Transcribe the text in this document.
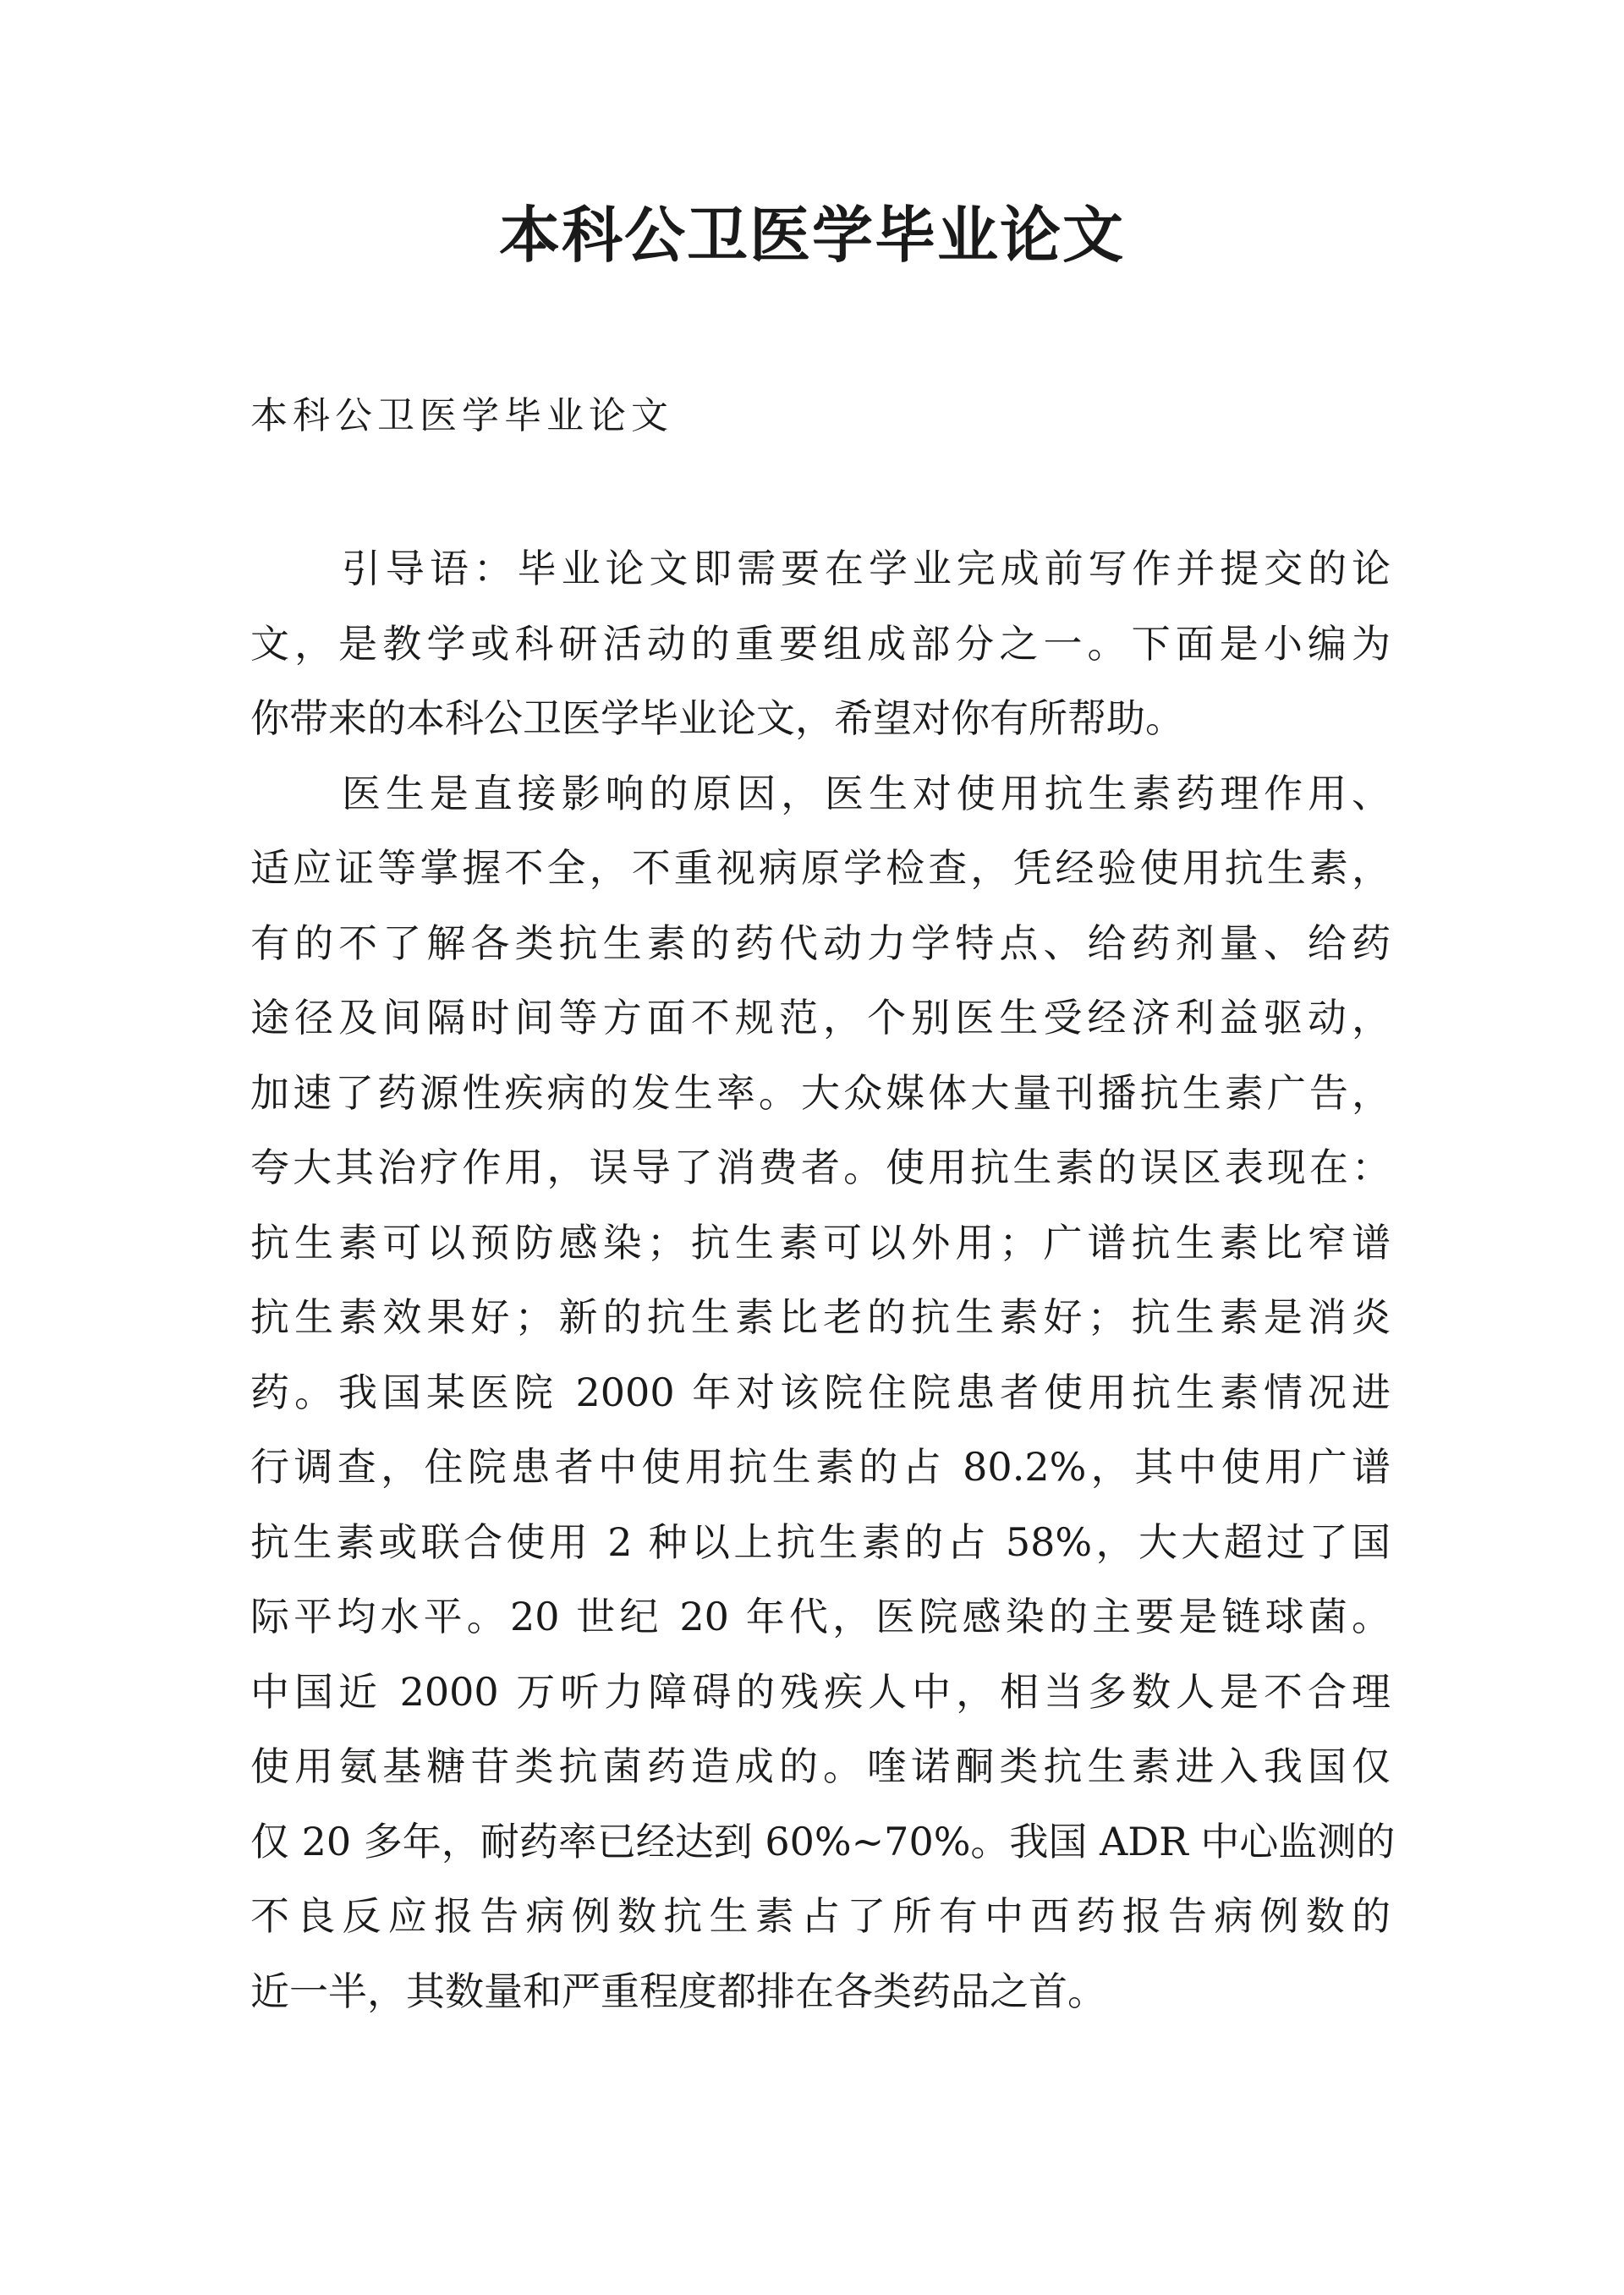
本科公卫医学毕业论文
本科公卫医学毕业论文
引导语：毕业论文即需要在学业完成前写作并提交的论
文，是教学或科研活动的重要组成部分之一。下面是小编为
你带来的本科公卫医学毕业论文，希望对你有所帮助。
医生是直接影响的原因，医生对使用抗生素药理作用、
适应证等掌握不全，不重视病原学检查，凭经验使用抗生素，
有的不了解各类抗生素的药代动力学特点、给药剂量、给药
途径及间隔时间等方面不规范，个别医生受经济利益驱动，
加速了药源性疾病的发生率。大众媒体大量刊播抗生素广告，
夸大其治疗作用，误导了消费者。使用抗生素的误区表现在：
抗生素可以预防感染；抗生素可以外用；广谱抗生素比窄谱
抗生素效果好；新的抗生素比老的抗生素好；抗生素是消炎
药。我国某医院 2000 年对该院住院患者使用抗生素情况进
行调查，住院患者中使用抗生素的占 80.2%，其中使用广谱
抗生素或联合使用 2 种以上抗生素的占 58%，大大超过了国
际平均水平。20 世纪 20 年代，医院感染的主要是链球菌。
中国近 2000 万听力障碍的残疾人中，相当多数人是不合理
使用氨基糖苷类抗菌药造成的。喹诺酮类抗生素进入我国仅
仅 20 多年，耐药率已经达到 60%~70%。我国 ADR 中心监测的
不良反应报告病例数抗生素占了所有中西药报告病例数的
近一半，其数量和严重程度都排在各类药品之首。
